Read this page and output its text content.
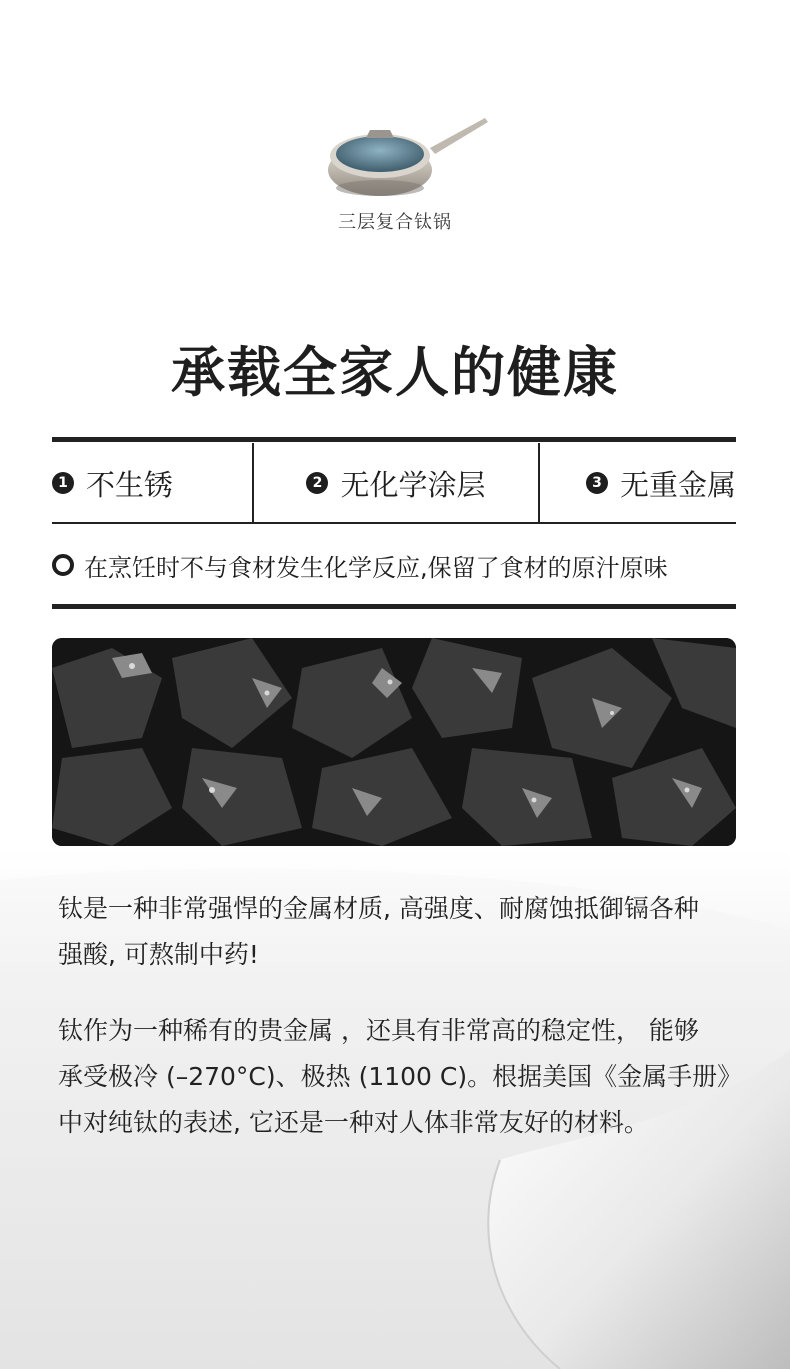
三层复合钛锅
承载全家人的健康
1 不生锈	2 无化学涂层	3 无重金属
在烹饪时不与食材发生化学反应,保留了食材的原汁原味
钛是一种非常强悍的金属材质, 高强度、耐腐蚀抵御镉各种
强酸, 可熬制中药!
钛作为一种稀有的贵金属 ，还具有非常高的稳定性， 能够
承受极冷 (–270°C)、极热 (1100 C)。根据美国《金属手册》
中对纯钛的表述, 它还是一种对人体非常友好的材料。
